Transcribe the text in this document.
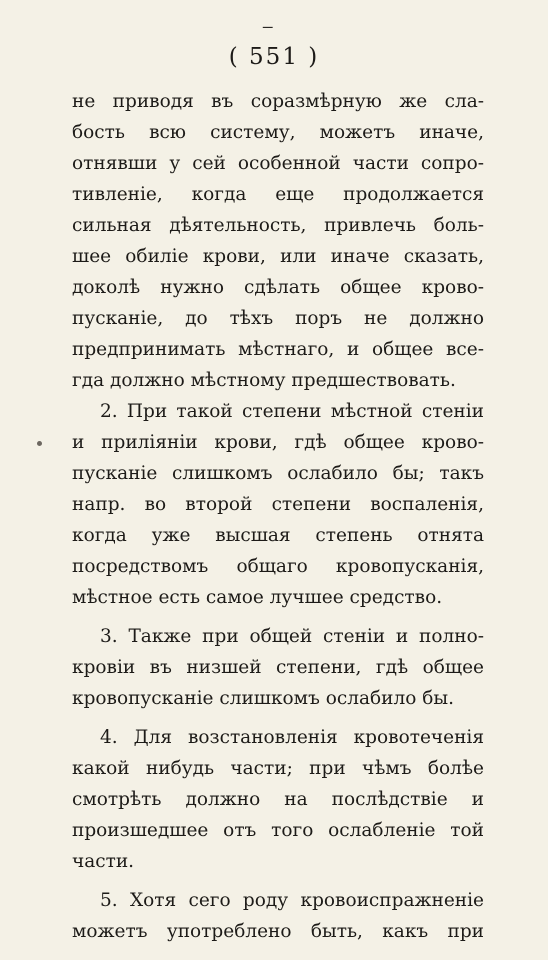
‒
( 551 )
не приводя въ соразмѣрную же сла-
бость всю систему, можетъ иначе,
отнявши у сей особенной части сопро-
тивленіе, когда еще продолжается
сильная дѣятельность, привлечь боль-
шее обиліе крови, или иначе сказать,
доколѣ нужно сдѣлать общее крово-
пусканіе, до тѣхъ поръ не должно
предпринимать мѣстнаго, и общее все-
гда должно мѣстному предшествовать.
2. При такой степени мѣстной стеніи
и приліяніи крови, гдѣ общее крово-
пусканіе слишкомъ ослабило бы; такъ
напр. во второй степени воспаленія,
когда уже высшая степень отнята
посредствомъ общаго кровопусканія,
мѣстное есть самое лучшее средство.
3. Также при общей стеніи и полно-
кровіи въ низшей степени, гдѣ общее
кровопусканіе слишкомъ ослабило бы.
4. Для возстановленія кровотеченія
какой нибудь части; при чѣмъ болѣе
смотрѣть должно на послѣдствіе и
произшедшее отъ того ослабленіе той
части.
5. Хотя сего роду кровоиспражненіе
можетъ употреблено быть, какъ при
